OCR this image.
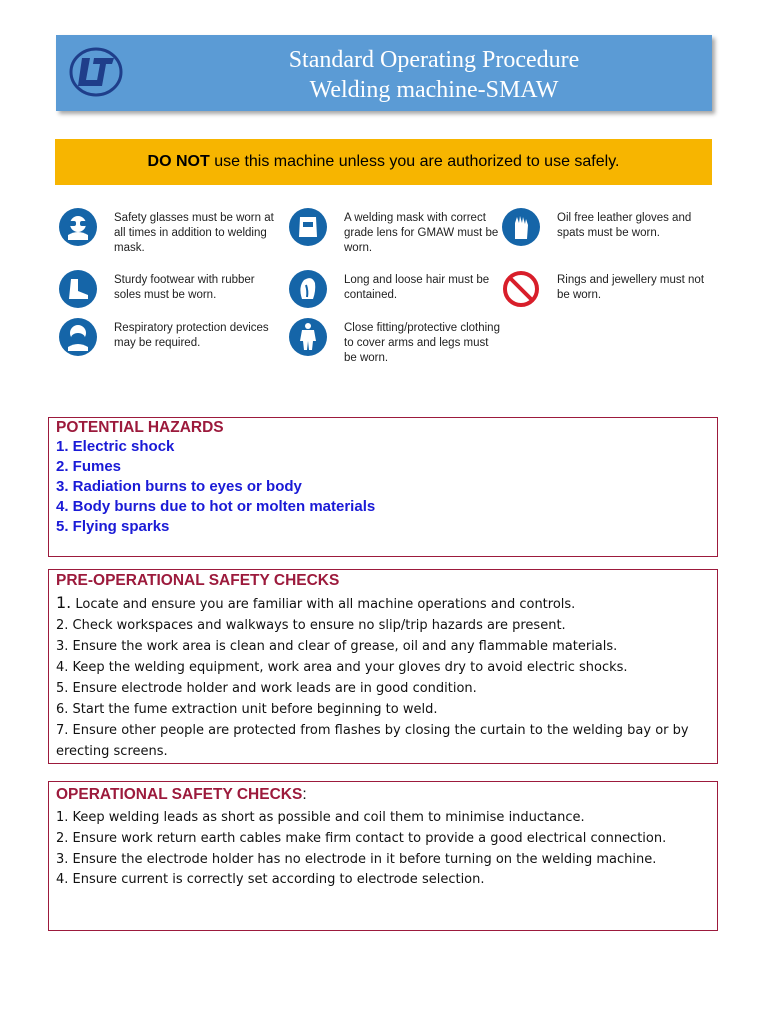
Standard Operating Procedure
Welding machine-SMAW
DO NOT use this machine unless you are authorized to use safely.
Safety glasses must be worn at all times in addition to welding mask.
A welding mask with correct grade lens for GMAW must be worn.
Oil free leather gloves and spats must be worn.
Sturdy footwear with rubber soles must be worn.
Long and loose hair must be contained.
Rings and jewellery must not be worn.
Respiratory protection devices may be required.
Close fitting/protective clothing to cover arms and legs must be worn.
POTENTIAL HAZARDS
1. Electric shock
2. Fumes
3. Radiation burns to eyes or body
4. Body burns due to hot or molten materials
5. Flying sparks
PRE-OPERATIONAL SAFETY CHECKS
1. Locate and ensure you are familiar with all machine operations and controls.
2. Check workspaces and walkways to ensure no slip/trip hazards are present.
3. Ensure the work area is clean and clear of grease, oil and any flammable materials.
4. Keep the welding equipment, work area and your gloves dry to avoid electric shocks.
5. Ensure electrode holder and work leads are in good condition.
6. Start the fume extraction unit before beginning to weld.
7. Ensure other people are protected from flashes by closing the curtain to the welding bay or by erecting screens.
OPERATIONAL SAFETY CHECKS:
1. Keep welding leads as short as possible and coil them to minimise inductance.
2. Ensure work return earth cables make firm contact to provide a good electrical connection.
3. Ensure the electrode holder has no electrode in it before turning on the welding machine.
4. Ensure current is correctly set according to electrode selection.
